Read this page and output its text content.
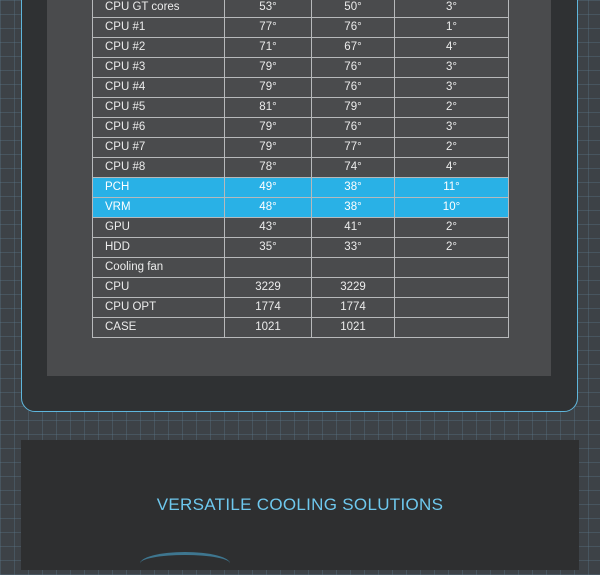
CPU GT cores	53°	50°	3°
CPU #1	77°	76°	1°
CPU #2	71°	67°	4°
CPU #3	79°	76°	3°
CPU #4	79°	76°	3°
CPU #5	81°	79°	2°
CPU #6	79°	76°	3°
CPU #7	79°	77°	2°
CPU #8	78°	74°	4°
PCH	49°	38°	11°
VRM	48°	38°	10°
GPU	43°	41°	2°
HDD	35°	33°	2°
Cooling fan			
CPU	3229	3229	
CPU OPT	1774	1774	
CASE	1021	1021	
VERSATILE COOLING SOLUTIONS
